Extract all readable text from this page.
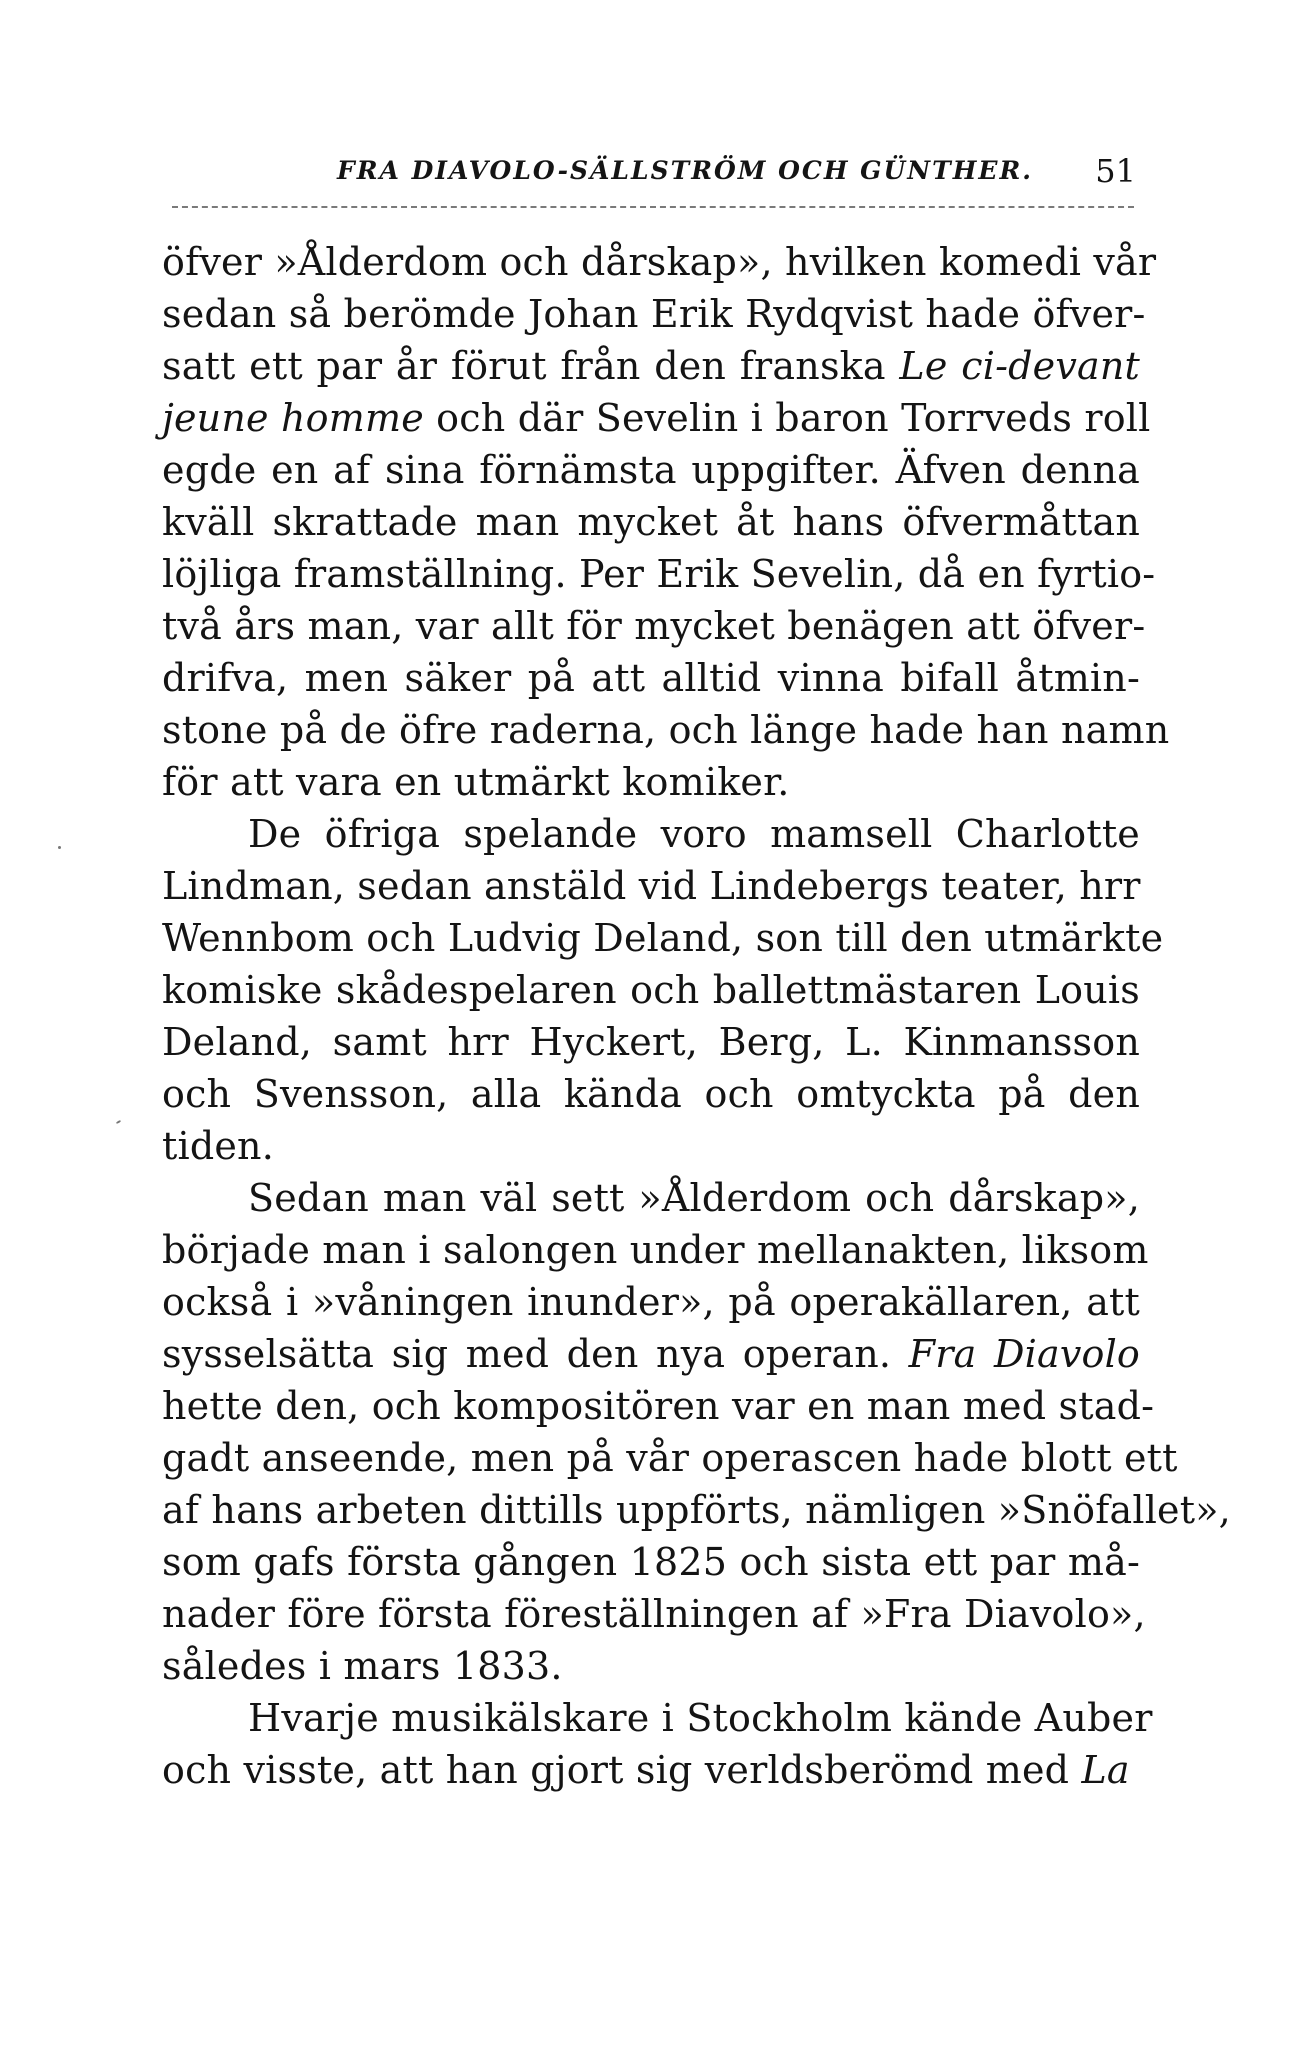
FRA DIAVOLO-SÄLLSTRÖM OCH GÜNTHER. 51
öfver »Ålderdom och dårskap», hvilken komedi vår
sedan så berömde Johan Erik Rydqvist hade öfver-
satt ett par år förut från den franska Le ci-devant
jeune homme och där Sevelin i baron Torrveds roll
egde en af sina förnämsta uppgifter. Äfven denna
kväll skrattade man mycket åt hans öfvermåttan
löjliga framställning. Per Erik Sevelin, då en fyrtio-
två års man, var allt för mycket benägen att öfver-
drifva, men säker på att alltid vinna bifall åtmin-
stone på de öfre raderna, och länge hade han namn
för att vara en utmärkt komiker.
De öfriga spelande voro mamsell Charlotte
Lindman, sedan anstäld vid Lindebergs teater, hrr
Wennbom och Ludvig Deland, son till den utmärkte
komiske skådespelaren och ballettmästaren Louis
Deland, samt hrr Hyckert, Berg, L. Kinmansson
och Svensson, alla kända och omtyckta på den
tiden.
Sedan man väl sett »Ålderdom och dårskap»,
började man i salongen under mellanakten, liksom
också i »våningen inunder», på operakällaren, att
sysselsätta sig med den nya operan. Fra Diavolo
hette den, och kompositören var en man med stad-
gadt anseende, men på vår operascen hade blott ett
af hans arbeten dittills uppförts, nämligen »Snöfallet»,
som gafs första gången 1825 och sista ett par må-
nader före första föreställningen af »Fra Diavolo»,
således i mars 1833.
Hvarje musikälskare i Stockholm kände Auber
och visste, att han gjort sig verldsberömd med La
